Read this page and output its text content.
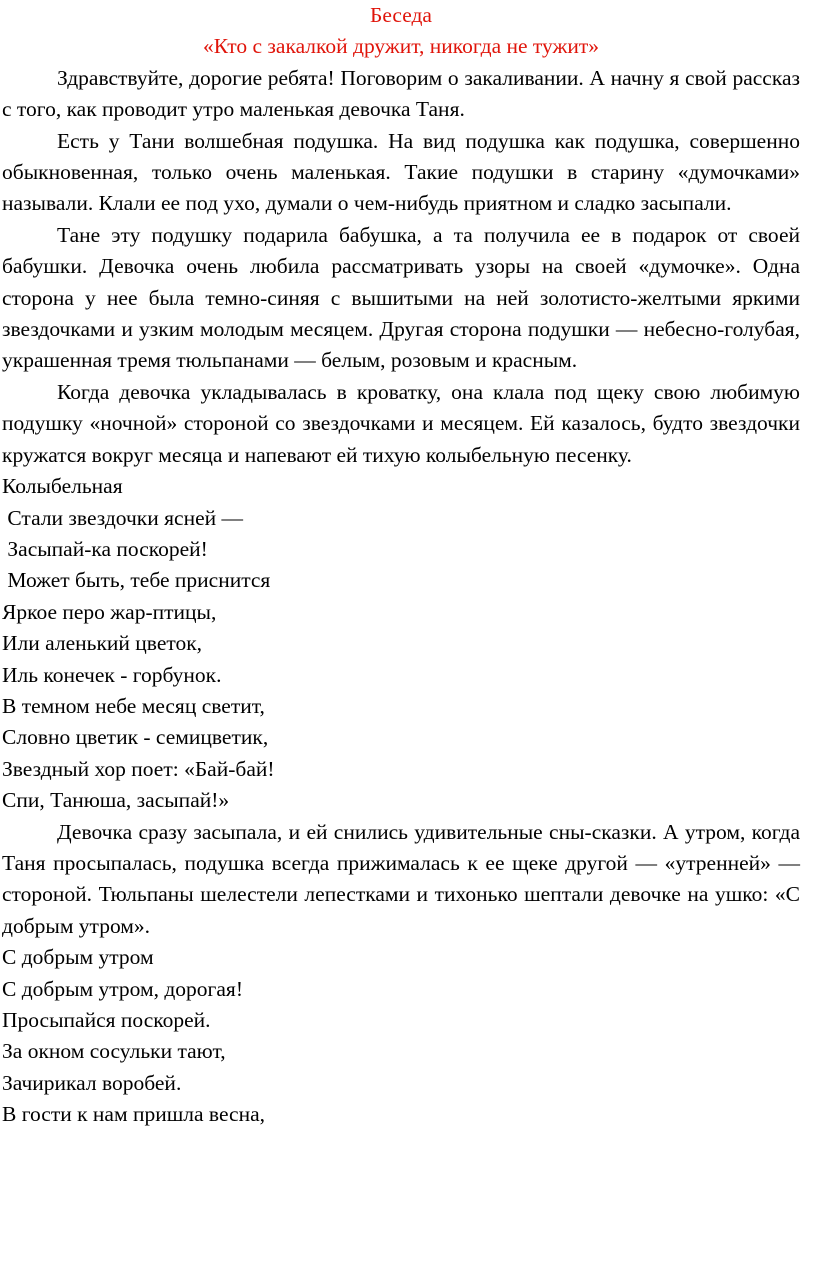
Беседа

«Кто с закалкой дружит, никогда не тужит»

Здравствуйте, дорогие ребята! Поговорим о закаливании. А начну я свой рассказ с того, как проводит утро маленькая девочка Таня.

Есть у Тани волшебная подушка. На вид подушка как подушка, совершенно обыкновенная, только очень маленькая. Такие подушки в старину «думочками» называли. Клали ее под ухо, думали о чем-нибудь приятном и сладко засыпали.

Тане эту подушку подарила бабушка, а та получила ее в подарок от своей бабушки. Девочка очень любила рассматривать узоры на своей «думочке». Одна сторона у нее была темно-синяя с вышитыми на ней золотисто-желтыми яркими звездочками и узким молодым месяцем. Другая сторона подушки — небесно-голубая, украшенная тремя тюльпанами — белым, розовым и красным.

Когда девочка укладывалась в кроватку, она клала под щеку свою любимую подушку «ночной» стороной со звездочками и месяцем. Ей казалось, будто звездочки кружатся вокруг месяца и напевают ей тихую колыбельную песенку.

Колыбельная

Стали звездочки ясней —

Засыпай-ка поскорей!

Может быть, тебе приснится

Яркое перо жар-птицы,

Или аленький цветок,

Иль конечек - горбунок.

В темном небе месяц светит,

Словно цветик - семицветик,

Звездный хор поет: «Бай-бай!

Спи, Танюша, засыпай!»

Девочка сразу засыпала, и ей снились удивительные сны-сказки. А утром, когда Таня просыпалась, подушка всегда прижималась к ее щеке другой — «утренней» — стороной. Тюльпаны шелестели лепестками и тихонько шептали девочке на ушко: «С добрым утром».

С добрым утром

С добрым утром, дорогая!

Просыпайся поскорей.

За окном сосульки тают,

Зачирикал воробей.

В гости к нам пришла весна,
